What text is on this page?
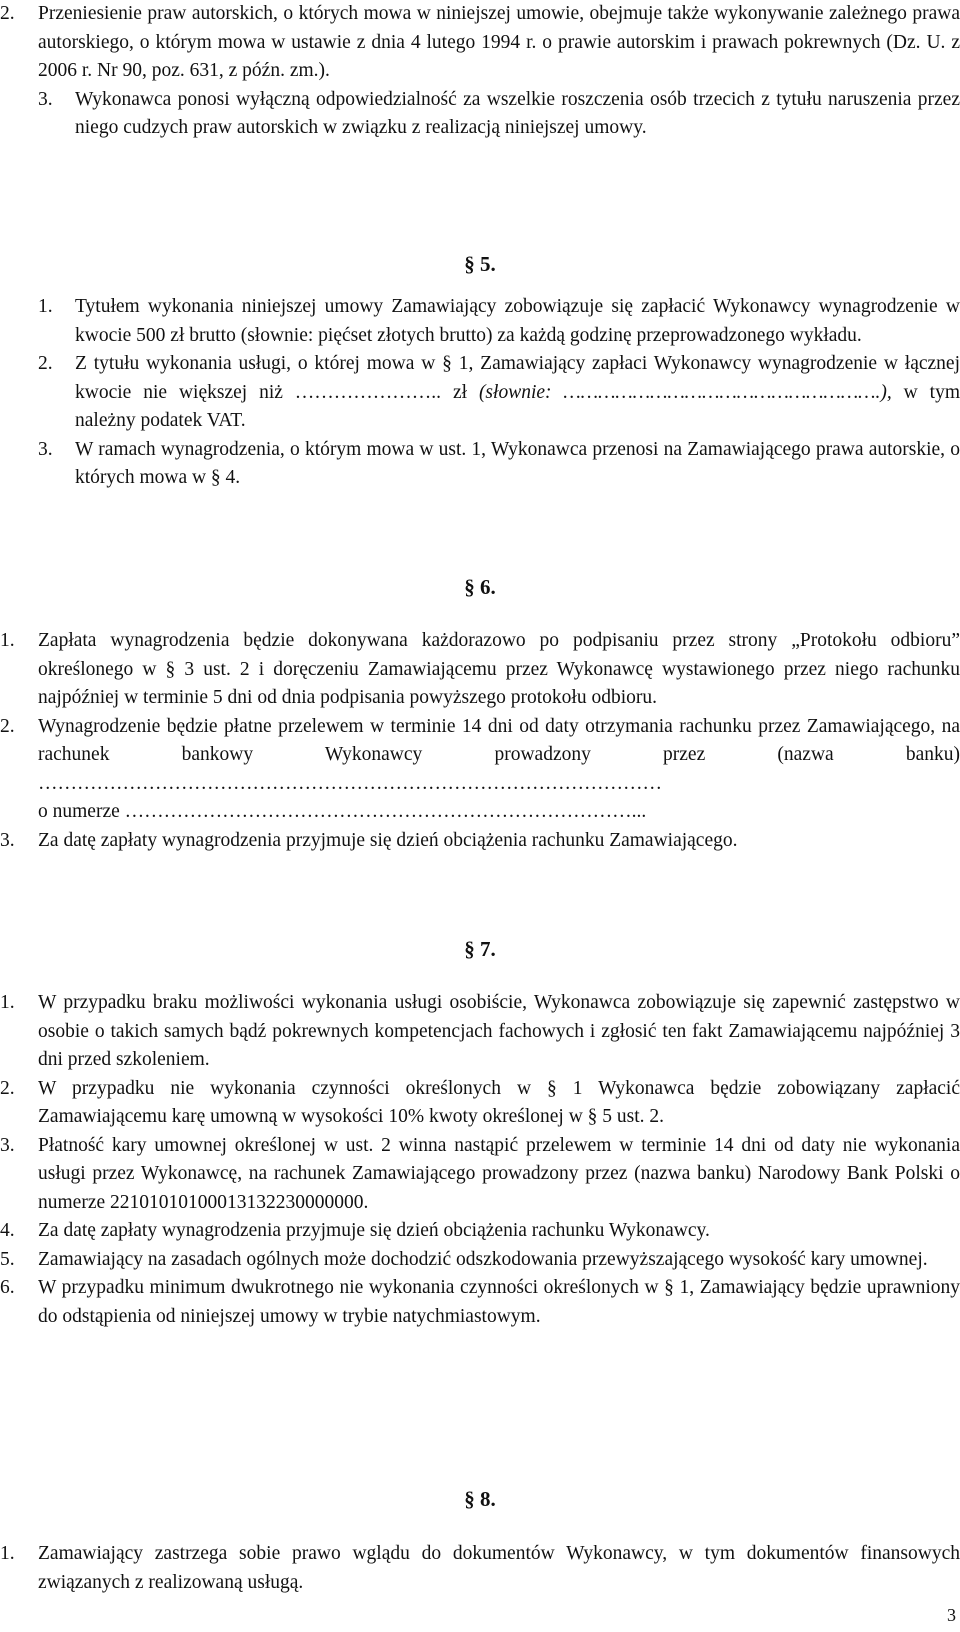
2. Przeniesienie praw autorskich, o których mowa w niniejszej umowie, obejmuje także wykonywanie zależnego prawa autorskiego, o którym mowa w ustawie z dnia 4 lutego 1994 r. o prawie autorskim i prawach pokrewnych (Dz. U. z 2006 r. Nr 90, poz. 631, z późn. zm.).

3. Wykonawca ponosi wyłączną odpowiedzialność za wszelkie roszczenia osób trzecich z tytułu naruszenia przez niego cudzych praw autorskich w związku z realizacją niniejszej umowy.

§ 5.

1. Tytułem wykonania niniejszej umowy Zamawiający zobowiązuje się zapłacić Wykonawcy wynagrodzenie w kwocie 500 zł brutto (słownie: pięćset złotych brutto) za każdą godzinę przeprowadzonego wykładu.

2. Z tytułu wykonania usługi, o której mowa w § 1, Zamawiający zapłaci Wykonawcy wynagrodzenie w łącznej kwocie nie większej niż ………………….. zł (słownie: ……………………………………………….), w tym należny podatek VAT.

3. W ramach wynagrodzenia, o którym mowa w ust. 1, Wykonawca przenosi na Zamawiającego prawa autorskie, o których mowa w § 4.

§ 6.

1. Zapłata wynagrodzenia będzie dokonywana każdorazowo po podpisaniu przez strony „Protokołu odbioru” określonego w § 3 ust. 2 i doręczeniu Zamawiającemu przez Wykonawcę wystawionego przez niego rachunku najpóźniej w terminie 5 dni od dnia podpisania powyższego protokołu odbioru.

2. Wynagrodzenie będzie płatne przelewem w terminie 14 dni od daty otrzymania rachunku przez Zamawiającego, na rachunek bankowy Wykonawcy prowadzony przez (nazwa banku) ……………………………………………………………………………………
o numerze ……………………………………………………………………...

3. Za datę zapłaty wynagrodzenia przyjmuje się dzień obciążenia rachunku Zamawiającego.

§ 7.

1. W przypadku braku możliwości wykonania usługi osobiście, Wykonawca zobowiązuje się zapewnić zastępstwo w osobie o takich samych bądź pokrewnych kompetencjach fachowych i zgłosić ten fakt Zamawiającemu najpóźniej 3 dni przed szkoleniem.

2. W przypadku nie wykonania czynności określonych w § 1 Wykonawca będzie zobowiązany zapłacić Zamawiającemu karę umowną w wysokości 10% kwoty określonej w § 5 ust. 2.

3. Płatność kary umownej określonej w ust. 2 winna nastąpić przelewem w terminie 14 dni od daty nie wykonania usługi przez Wykonawcę, na rachunek Zamawiającego prowadzony przez (nazwa banku) Narodowy Bank Polski o numerze 22101010100013132230000000.

4. Za datę zapłaty wynagrodzenia przyjmuje się dzień obciążenia rachunku Wykonawcy.

5. Zamawiający na zasadach ogólnych może dochodzić odszkodowania przewyższającego wysokość kary umownej.

6. W przypadku minimum dwukrotnego nie wykonania czynności określonych w § 1, Zamawiający będzie uprawniony do odstąpienia od niniejszej umowy w trybie natychmiastowym.

§ 8.

1. Zamawiający zastrzega sobie prawo wglądu do dokumentów Wykonawcy, w tym dokumentów finansowych związanych z realizowaną usługą.

3
